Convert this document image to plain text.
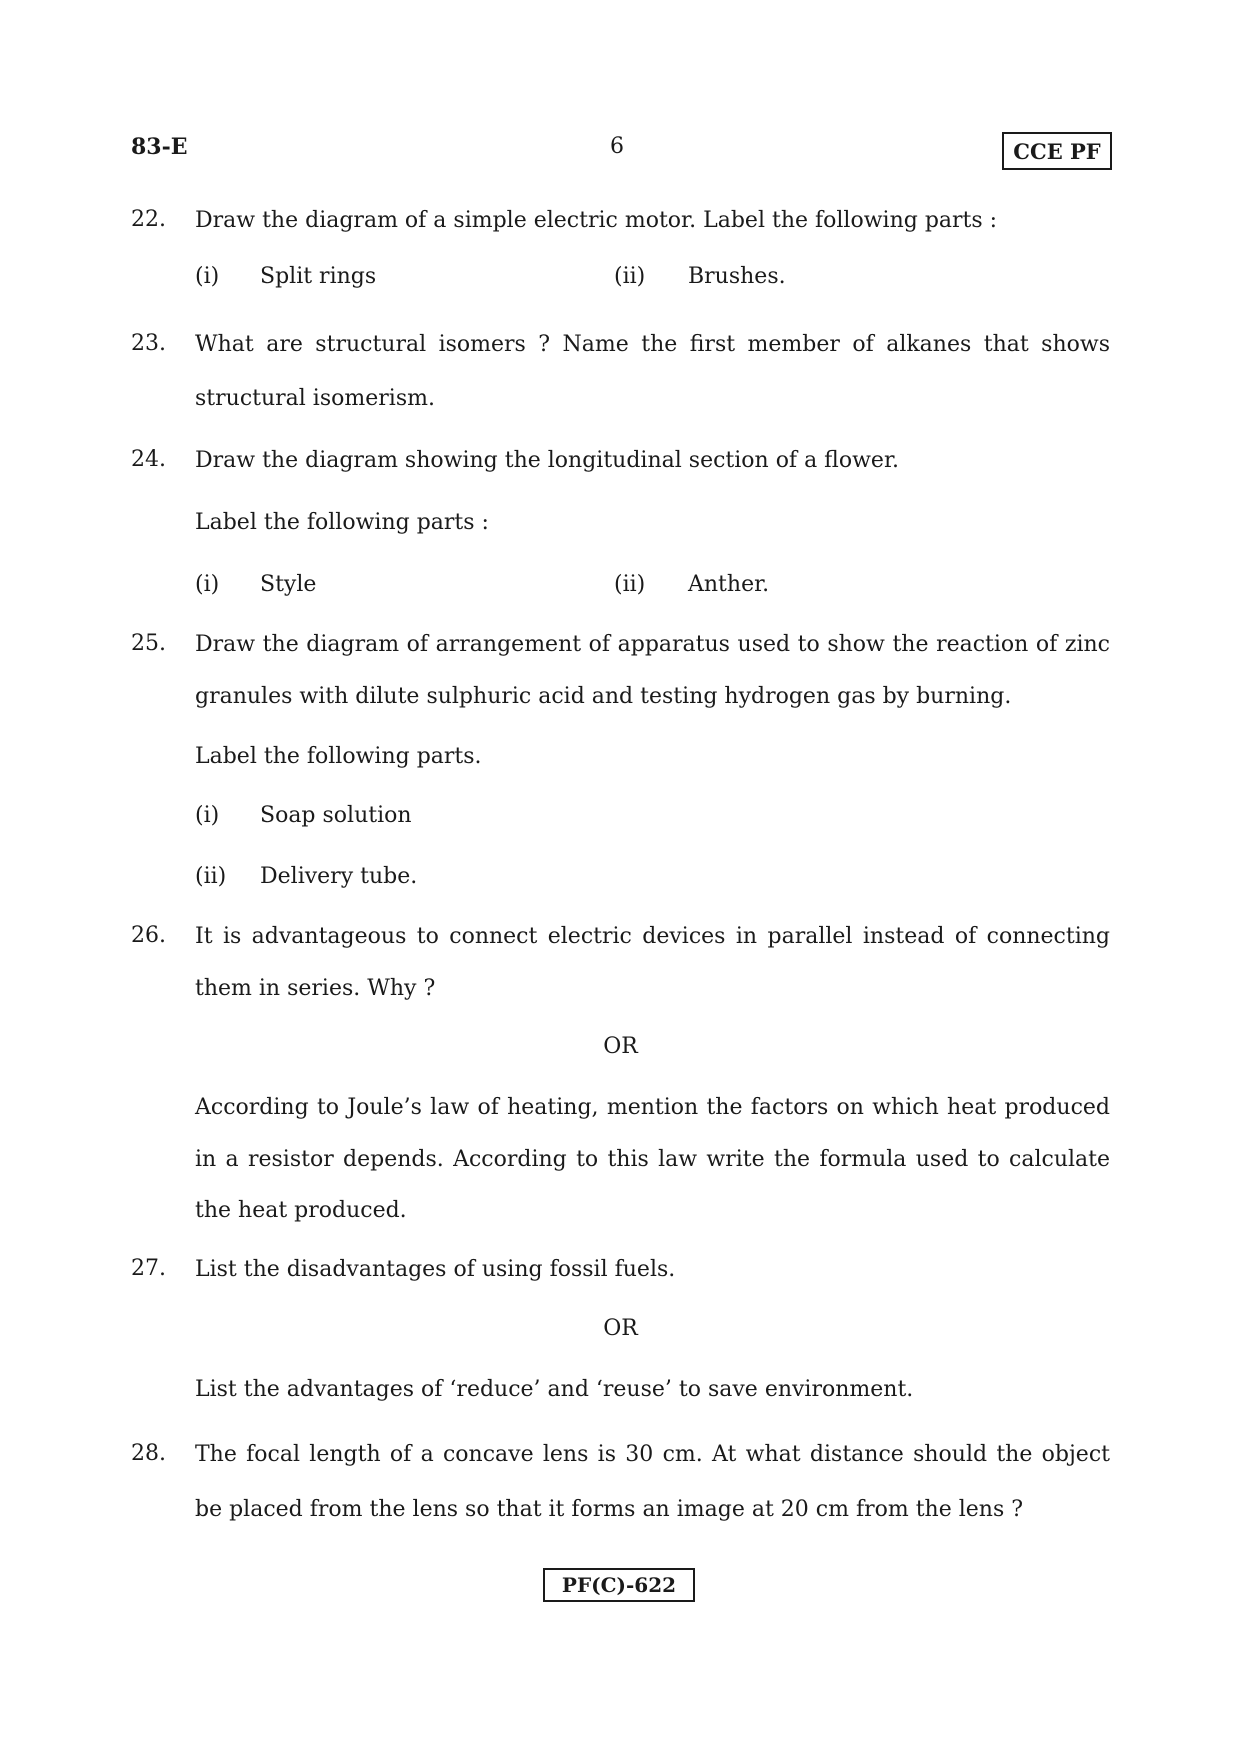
83-E	6	CCE PF
22. Draw the diagram of a simple electric motor. Label the following parts :
(i) Split rings	(ii) Brushes.
23. What are structural isomers ? Name the first member of alkanes that shows
structural isomerism.
24. Draw the diagram showing the longitudinal section of a flower.
Label the following parts :
(i) Style	(ii) Anther.
25. Draw the diagram of arrangement of apparatus used to show the reaction of zinc
granules with dilute sulphuric acid and testing hydrogen gas by burning.
Label the following parts.
(i) Soap solution
(ii) Delivery tube.
26. It is advantageous to connect electric devices in parallel instead of connecting
them in series. Why ?
OR
According to Joule’s law of heating, mention the factors on which heat produced
in a resistor depends. According to this law write the formula used to calculate
the heat produced.
27. List the disadvantages of using fossil fuels.
OR
List the advantages of ‘reduce’ and ‘reuse’ to save environment.
28. The focal length of a concave lens is 30 cm. At what distance should the object
be placed from the lens so that it forms an image at 20 cm from the lens ?
PF(C)-622
